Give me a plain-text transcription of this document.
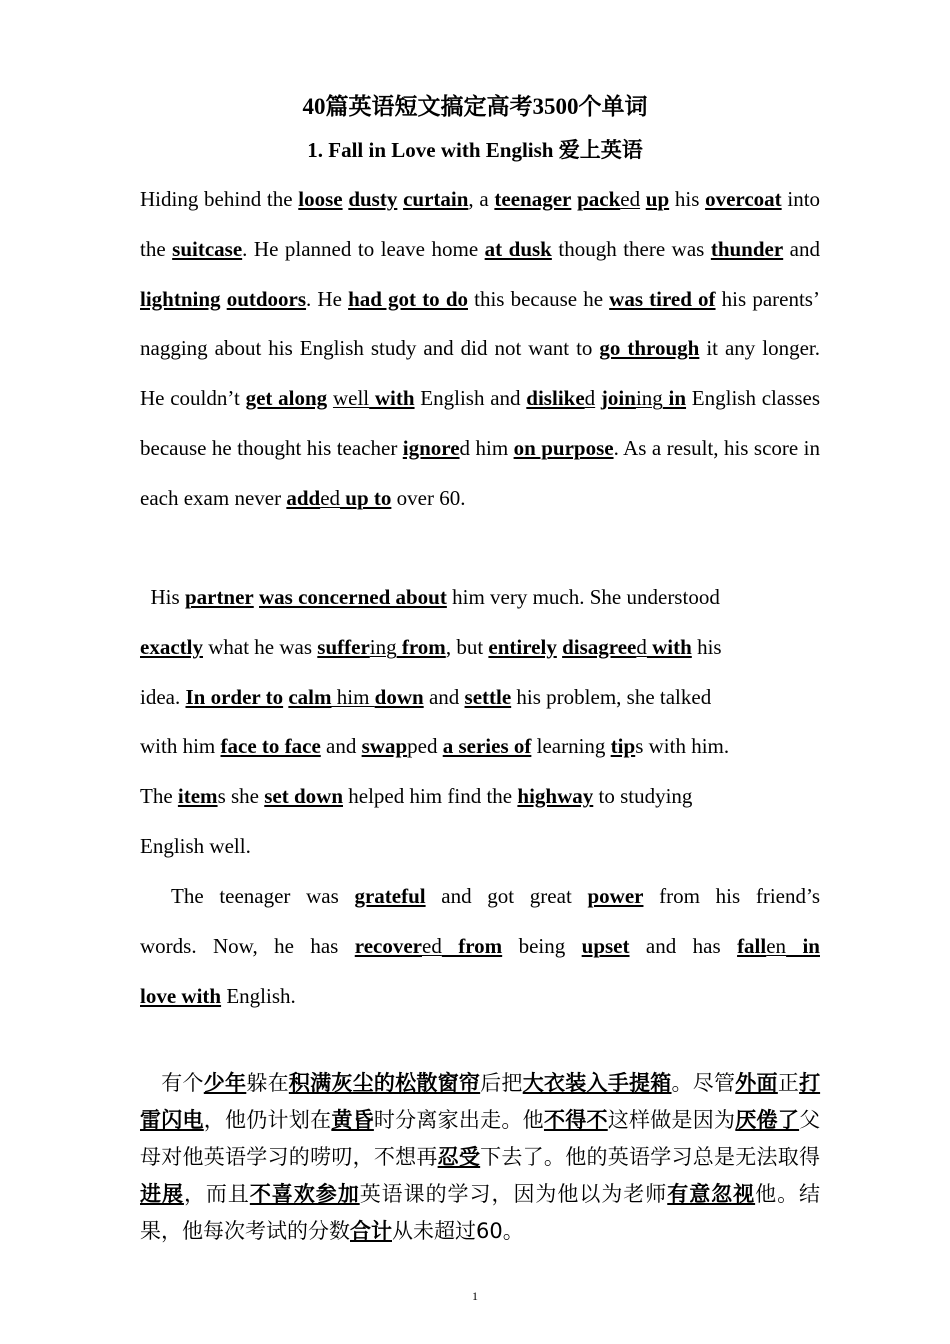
40篇英语短文搞定高考3500个单词
1. Fall in Love with English 爱上英语
Hiding behind the loose dusty curtain, a teenager packed up his overcoat into the suitcase. He planned to leave home at dusk though there was thunder and lightning outdoors. He had got to do this because he was tired of his parents’ nagging about his English study and did not want to go through it any longer. He couldn’t get along well with English and disliked joining in English classes because he thought his teacher ignored him on purpose. As a result, his score in each exam never added up to over 60.
His partner was concerned about him very much. She understood
exactly what he was suffering from, but entirely disagreed with his
idea. In order to calm him down and settle his problem, she talked
with him face to face and swapped a series of learning tips with him.
The items she set down helped him find the highway to studying
English well.
The teenager was grateful and got great power from his friend’s
words. Now, he has recovered from being upset and has fallen in
love with English.
　有个少年躲在积满灰尘的松散窗帘后把大衣装入手提箱。尽管外面正打雷闪电，他仍计划在黄昏时分离家出走。他不得不这样做是因为厌倦了父母对他英语学习的唠叨，不想再忍受下去了。他的英语学习总是无法取得进展，而且不喜欢参加英语课的学习，因为他以为老师有意忽视他。结果，他每次考试的分数合计从未超过60。
1
